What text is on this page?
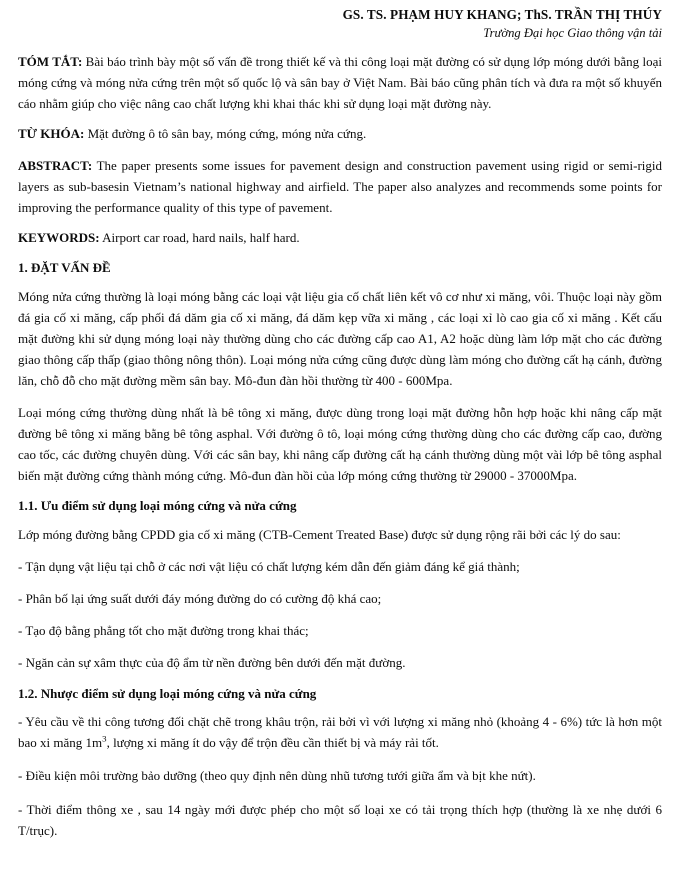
GS. TS. PHẠM HUY KHANG; ThS. TRẦN THỊ THÚY
Trường Đại học Giao thông vận tải

TÓM TẮT: Bài báo trình bày một số vấn đề trong thiết kế và thi công loại mặt đường có sử dụng lớp móng dưới bằng loại móng cứng và móng nửa cứng trên một số quốc lộ và sân bay ở Việt Nam. Bài báo cũng phân tích và đưa ra một số khuyến cáo nhằm giúp cho việc nâng cao chất lượng khi khai thác khi sử dụng loại mặt đường này.

TỪ KHÓA: Mặt đường ô tô sân bay, móng cứng, móng nửa cứng.

ABSTRACT: The paper presents some issues for pavement design and construction pavement using rigid or semi-rigid layers as sub-basesin Vietnam’s national highway and airfield. The paper also analyzes and recommends some points for improving the performance quality of this type of pavement.

KEYWORDS: Airport car road, hard nails, half hard.

1. ĐẶT VẤN ĐỀ

Móng nửa cứng thường là loại móng bằng các loại vật liệu gia cố chất liên kết vô cơ như xi măng, vôi. Thuộc loại này gồm đá gia cố xi măng, cấp phối đá dăm gia cố xi măng, đá dăm kẹp vữa xi măng , các loại xỉ lò cao gia cố xi măng . Kết cấu mặt đường khi sử dụng móng loại này thường dùng cho các đường cấp cao A1, A2 hoặc dùng làm lớp mặt cho các đường giao thông cấp thấp (giao thông nông thôn). Loại móng nửa cứng cũng được dùng làm móng cho đường cất hạ cánh, đường lăn, chỗ đỗ cho mặt đường mềm sân bay. Mô-đun đàn hồi thường từ 400 - 600Mpa.

Loại móng cứng thường dùng nhất là bê tông xi măng, được dùng trong loại mặt đường hỗn hợp hoặc khi nâng cấp mặt đường bê tông xi măng bằng bê tông asphal. Với đường ô tô, loại móng cứng thường dùng cho các đường cấp cao, đường cao tốc, các đường chuyên dùng. Với các sân bay, khi nâng cấp đường cất hạ cánh thường dùng một vài lớp bê tông asphal biến mặt đường cứng thành móng cứng. Mô-đun đàn hồi của lớp móng cứng thường từ 29000 - 37000Mpa.

1.1. Ưu điểm sử dụng loại móng cứng và nửa cứng

Lớp móng đường bằng CPDD gia cố xi măng (CTB-Cement Treated Base) được sử dụng rộng rãi bởi các lý do sau:

- Tận dụng vật liệu tại chỗ ở các nơi vật liệu có chất lượng kém dẫn đến giảm đáng kể giá thành;

- Phân bố lại ứng suất dưới đáy móng đường do có cường độ khá cao;

- Tạo độ bằng phẳng tốt cho mặt đường trong khai thác;

- Ngăn cản sự xâm thực của độ ẩm từ nền đường bên dưới đến mặt đường.

1.2. Nhược điểm sử dụng loại móng cứng và nửa cứng

- Yêu cầu về thi công tương đối chặt chẽ trong khâu trộn, rải bởi vì với lượng xi măng nhỏ (khoảng 4 - 6%) tức là hơn một bao xi măng $1m^3$, lượng xi măng ít do vậy để trộn đều cần thiết bị và máy rải tốt.

- Điều kiện môi trường bảo dưỡng (theo quy định nên dùng nhũ tương tưới giữa ẩm và bịt khe nứt).

- Thời điểm thông xe , sau 14 ngày mới được phép cho một số loại xe có tải trọng thích hợp (thường là xe nhẹ dưới 6 T/trục).
